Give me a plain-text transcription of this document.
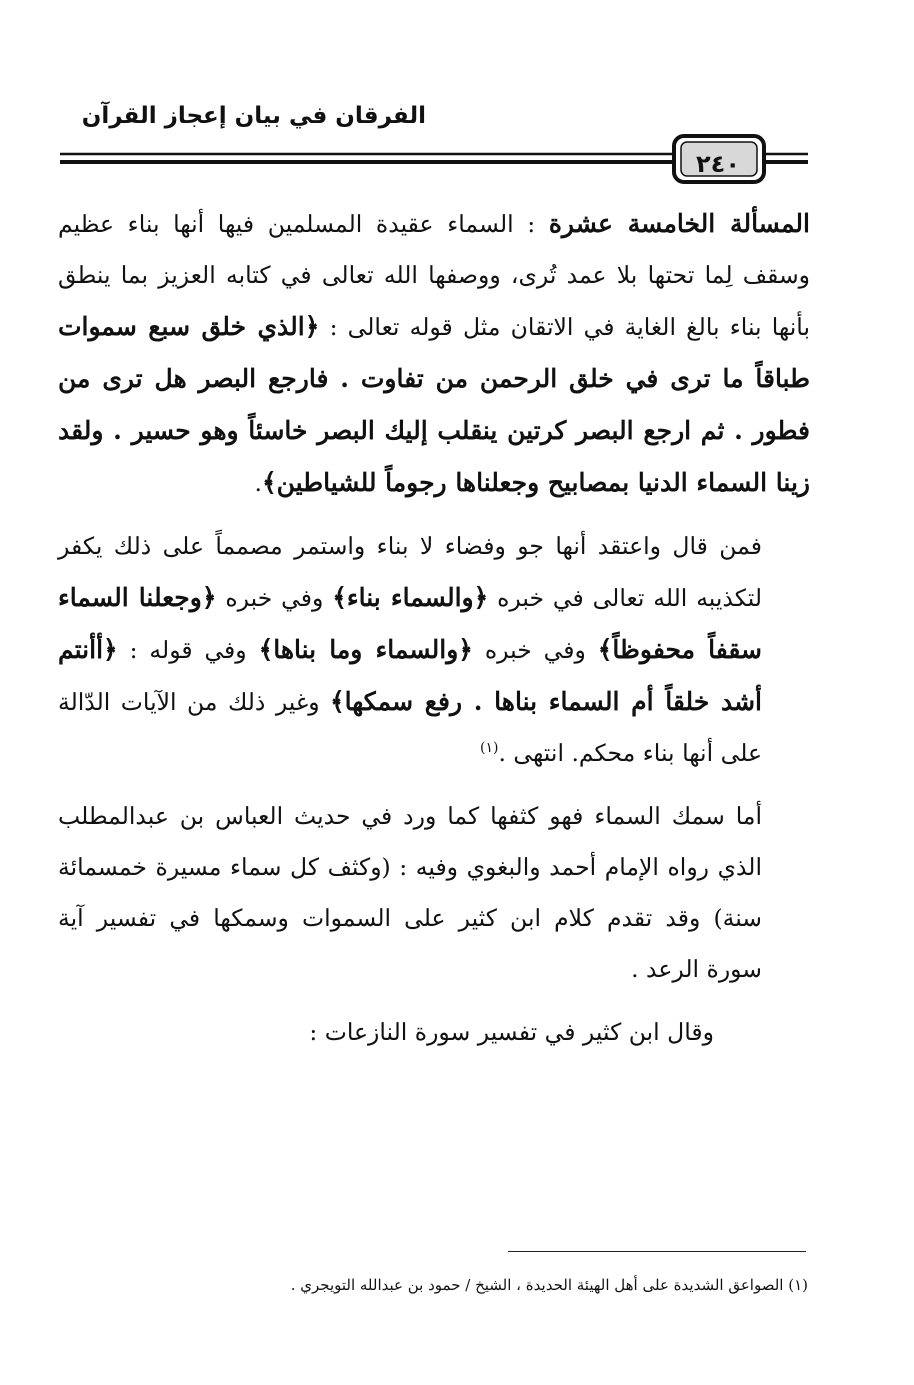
الفرقان في بيان إعجاز القرآن
٢٤٠

المسألة الخامسة عشرة : السماء عقيدة المسلمين فيها أنها بناء عظيم وسقف لِما تحتها بلا عمد تُرى، ووصفها الله تعالى في كتابه العزيز بما ينطق بأنها بناء بالغ الغاية في الاتقان مثل قوله تعالى : ﴿الذي خلق سبع سموات طباقاً ما ترى في خلق الرحمن من تفاوت . فارجع البصر هل ترى من فطور . ثم ارجع البصر كرتين ينقلب إليك البصر خاسئاً وهو حسير . ولقد زينا السماء الدنيا بمصابيح وجعلناها رجوماً للشياطين﴾.

فمن قال واعتقد أنها جو وفضاء لا بناء واستمر مصمماً على ذلك يكفر لتكذيبه الله تعالى في خبره ﴿والسماء بناء﴾ وفي خبره ﴿وجعلنا السماء سقفاً محفوظاً﴾ وفي خبره ﴿والسماء وما بناها﴾ وفي قوله : ﴿أأنتم أشد خلقاً أم السماء بناها . رفع سمكها﴾ وغير ذلك من الآيات الدّالة على أنها بناء محكم. انتهى .$^{(١)}$

أما سمك السماء فهو كثفها كما ورد في حديث العباس بن عبدالمطلب الذي رواه الإمام أحمد والبغوي وفيه : (وكثف كل سماء مسيرة خمسمائة سنة) وقد تقدم كلام ابن كثير على السموات وسمكها في تفسير آية سورة الرعد .

وقال ابن كثير في تفسير سورة النازعات :

(١) الصواعق الشديدة على أهل الهيئة الحديدة ، الشيخ / حمود بن عبدالله التويجري .
